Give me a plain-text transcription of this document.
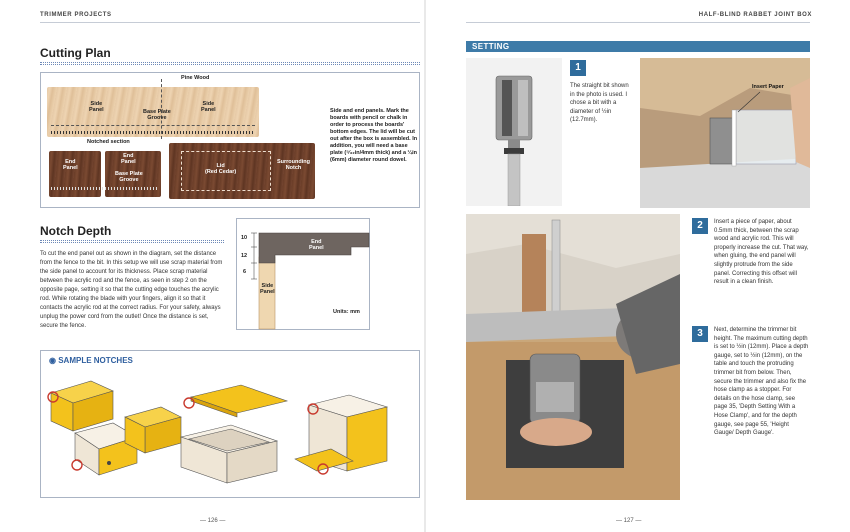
TRIMMER PROJECTS
Cutting Plan
Pine Wood
Side
Panel	Base Plate
Groove
Side
Panel
Notched section
End
Panel
End
Panel
Base Plate
Groove
Lid
(Red Cedar)
Surrounding
Notch
Side and end panels. Mark the boards with pencil or chalk in order to process the boards' bottom edges. The lid will be cut out after the box is assembled. In addition, you will need a base plate (⁵⁄₃₂in/4mm thick) and a ¼in (6mm) diameter round dowel.
Notch Depth
To cut the end panel out as shown in the diagram, set the distance from the fence to the bit. In this setup we will use scrap material from the side panel to account for its thickness. Place scrap material between the acrylic rod and the fence, as seen in step 2 on the opposite page, setting it so that the cutting edge touches the acrylic rod. While rotating the blade with your fingers, align it so that it contacts the acrylic rod at the correct radius. For your safety, always unplug the power cord from the outlet! Once the distance is set, secure the fence.
10
12
6
End
Panel
Side
Panel
Units: mm
◉ SAMPLE NOTCHES
— 126 —
HALF-BLIND RABBET JOINT BOX
SETTING
1
The straight bit shown in the photo is used. I chose a bit with a diameter of ½in (12.7mm).
Insert Paper
2	Insert a piece of paper, about 0.5mm thick, between the scrap wood and acrylic rod. This will properly increase the cut. That way, when gluing, the end panel will slightly protrude from the side panel. Correcting this offset will result in a clean finish.
3	Next, determine the trimmer bit height. The maximum cutting depth is set to ½in (12mm). Place a depth gauge, set to ½in (12mm), on the table and touch the protruding trimmer bit from below. Then, secure the trimmer and also fix the hose clamp as a stopper. For details on the hose clamp, see page 35, 'Depth Setting With a Hose Clamp', and for the depth gauge, see page 55, 'Height Gauge/ Depth Gauge'.
— 127 —
